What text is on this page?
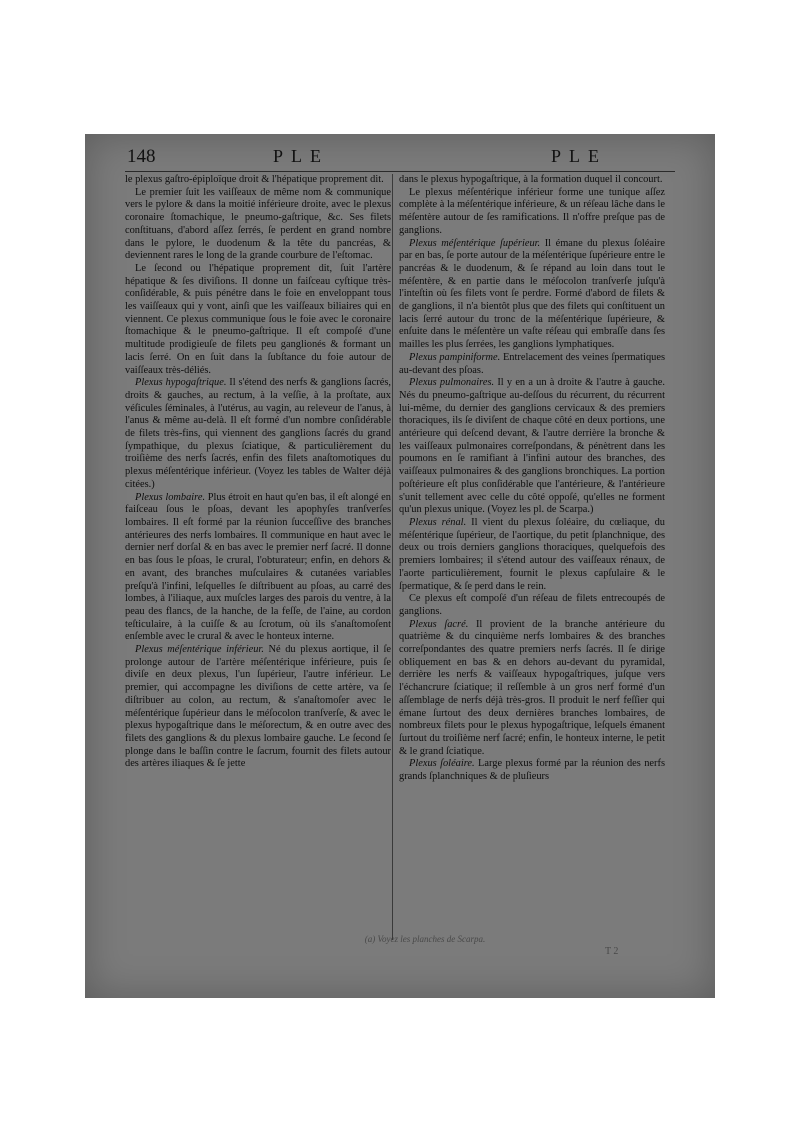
148	PLE	PLE

le plexus gaſtro-épiploïque droit & l'hépatique proprement dit.

Le premier ſuit les vaiſſeaux de même nom & communique vers le pylore & dans la moitié inférieure droite, avec le plexus coronaire ſtomachique, le pneumo-gaſtrique, &c. Ses filets conſtituans, d'abord aſſez ſerrés, ſe perdent en grand nombre dans le pylore, le duodenum & la tête du pancréas, & deviennent rares le long de la grande courbure de l'eſtomac.

Le ſecond ou l'hépatique proprement dit, ſuit l'artère hépatique & ſes diviſions. Il donne un faiſceau cyſtique très-conſidérable, & puis pénétre dans le foie en enveloppant tous les vaiſſeaux qui y vont, ainſi que les vaiſſeaux biliaires qui en viennent. Ce plexus communique ſous le foie avec le coronaire ſtomachique & le pneumo-gaſtrique. Il eſt compoſé d'une multitude prodigieuſe de filets peu ganglionés & formant un lacis ſerré. On en ſuit dans la ſubſtance du foie autour de vaiſſeaux très-déliés.

Plexus hypogaſtrique. Il s'étend des nerfs & ganglions ſacrés, droits & gauches, au rectum, à la veſſie, à la proſtate, aux véſicules ſéminales, à l'utérus, au vagin, au releveur de l'anus, à l'anus & même au-delà. Il eſt formé d'un nombre conſidérable de filets très-fins, qui viennent des ganglions ſacrés du grand ſympathique, du plexus ſciatique, & particulièrement du troiſième des nerfs ſacrés, enfin des filets anaſtomotiques du plexus méſentérique inférieur. (Voyez les tables de Walter déjà citées.)

Plexus lombaire. Plus étroit en haut qu'en bas, il eſt alongé en faiſceau ſous le pſoas, devant les apophyſes tranſverſes lombaires. Il eſt formé par la réunion ſucceſſive des branches antérieures des nerfs lombaires. Il communique en haut avec le dernier nerf dorſal & en bas avec le premier nerf ſacré. Il donne en bas ſous le pſoas, le crural, l'obturateur; enfin, en dehors & en avant, des branches muſculaires & cutanées variables preſqu'à l'infini, leſquelles ſe diſtribuent au pſoas, au carré des lombes, à l'iliaque, aux muſcles larges des parois du ventre, à la peau des flancs, de la hanche, de la feſſe, de l'aine, au cordon teſticulaire, à la cuiſſe & au ſcrotum, où ils s'anaſtomoſent enſemble avec le crural & avec le honteux interne.

Plexus méſentérique inférieur. Né du plexus aortique, il ſe prolonge autour de l'artère méſentérique inférieure, puis ſe diviſe en deux plexus, l'un ſupérieur, l'autre inférieur. Le premier, qui accompagne les diviſions de cette artère, va ſe diſtribuer au colon, au rectum, & s'anaſtomoſer avec le méſentérique ſupérieur dans le méſocolon tranſverſe, & avec le plexus hypogaſtrique dans le méſorectum, & en outre avec des filets des ganglions & du plexus lombaire gauche. Le ſecond ſe plonge dans le baſſin contre le ſacrum, fournit des filets autour des artères iliaques & ſe jette

dans le plexus hypogaſtrique, à la formation duquel il concourt.

Le plexus méſentérique inférieur forme une tunique aſſez complète à la méſentérique inférieure, & un réſeau lâche dans le méſentère autour de ſes ramifications. Il n'offre preſque pas de ganglions.

Plexus méſentérique ſupérieur. Il émane du plexus ſoléaire par en bas, ſe porte autour de la méſentérique ſupérieure entre le pancréas & le duodenum, & ſe répand au loin dans tout le méſentère, & en partie dans le méſocolon tranſverſe juſqu'à l'inteſtin où ſes filets vont ſe perdre. Formé d'abord de filets & de ganglions, il n'a bientôt plus que des filets qui conſtituent un lacis ſerré autour du tronc de la méſentérique ſupérieure, & enſuite dans le méſentère un vaſte réſeau qui embraſſe dans ſes mailles les plus ſerrées, les ganglions lymphatiques.

Plexus pampiniforme. Entrelacement des veines ſpermatiques au-devant des pſoas.

Plexus pulmonaires. Il y en a un à droite & l'autre à gauche. Nés du pneumo-gaſtrique au-deſſous du récurrent, du récurrent lui-même, du dernier des ganglions cervicaux & des premiers thoraciques, ils ſe diviſent de chaque côté en deux portions, une antérieure qui deſcend devant, & l'autre derrière la bronche & les vaiſſeaux pulmonaires correſpondans, & pénètrent dans les poumons en ſe ramifiant à l'infini autour des branches, des vaiſſeaux pulmonaires & des ganglions bronchiques. La portion poſtérieure eſt plus conſidérable que l'antérieure, & l'antérieure s'unit tellement avec celle du côté oppoſé, qu'elles ne forment qu'un plexus unique. (Voyez les pl. de Scarpa.)

Plexus rénal. Il vient du plexus ſoléaire, du cœliaque, du méſentérique ſupérieur, de l'aortique, du petit ſplanchnique, des deux ou trois derniers ganglions thoraciques, quelquefois des premiers lombaires; il s'étend autour des vaiſſeaux rénaux, de l'aorte particulièrement, fournit le plexus capſulaire & le ſpermatique, & ſe perd dans le rein.

Ce plexus eſt compoſé d'un réſeau de filets entrecoupés de ganglions.

Plexus ſacré. Il provient de la branche antérieure du quatrième & du cinquième nerfs lombaires & des branches correſpondantes des quatre premiers nerfs ſacrés. Il ſe dirige obliquement en bas & en dehors au-devant du pyramidal, derrière les nerfs & vaiſſeaux hypogaſtriques, juſque vers l'échancrure ſciatique; il reſſemble à un gros nerf formé d'un aſſemblage de nerfs déjà très-gros. Il produit le nerf feſſier qui émane ſurtout des deux dernières branches lombaires, de nombreux filets pour le plexus hypogaſtrique, leſquels émanent ſurtout du troiſième nerf ſacré; enfin, le honteux interne, le petit & le grand ſciatique.

Plexus ſoléaire. Large plexus formé par la réunion des nerfs grands ſplanchniques & de pluſieurs

(a) Voyez les planches de Scarpa.
T 2
